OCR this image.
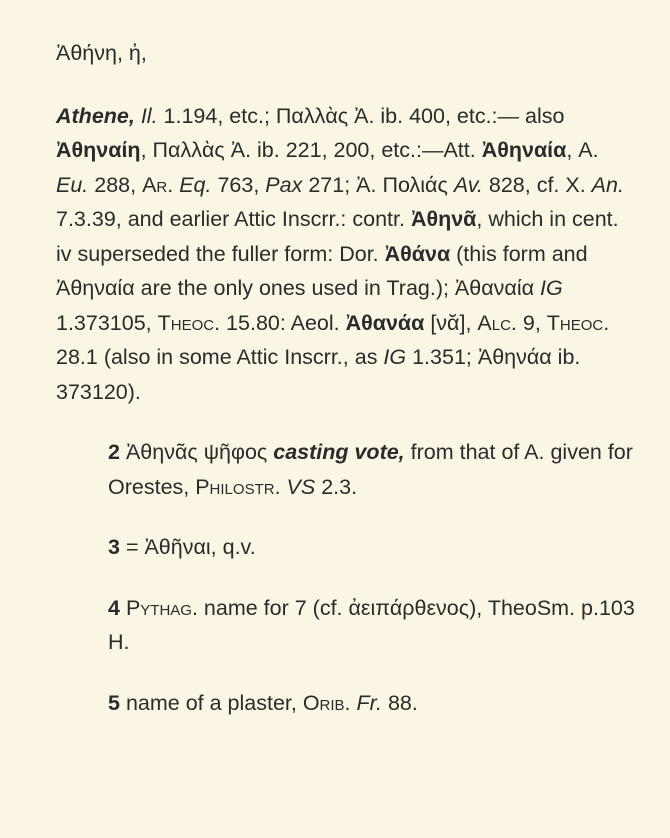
Ἀθήνη, ἡ,
Athene, Il. 1.194, etc.; Παλλὰς Ἀ. ib. 400, etc.:— also Ἀθηναίη, Παλλὰς Ἀ. ib. 221, 200, etc.:—Att. Ἀθηναία, A. Eu. 288, Ar. Eq. 763, Pax 271; Ἀ. Πολιάς Av. 828, cf. X. An. 7.3.39, and earlier Attic Inscrr.: contr. Ἀθηνᾶ, which in cent. iv superseded the fuller form: Dor. Ἀθάνα (this form and Ἀθηναία are the only ones used in Trag.); Ἀθαναία IG 1.373105, Theoc. 15.80: Aeol. Ἀθανάα [νᾰ], Alc. 9, Theoc. 28.1 (also in some Attic Inscrr., as IG 1.351; Ἀθηνάα ib. 373120).
2 Ἀθηνᾶς ψῆφος casting vote, from that of A. given for Orestes, Philostr. VS 2.3.
3 = Ἀθῆναι, q.v.
4 Pythag. name for 7 (cf. ἀειπάρθενος), TheoSm. p.103 H.
5 name of a plaster, Orib. Fr. 88.
